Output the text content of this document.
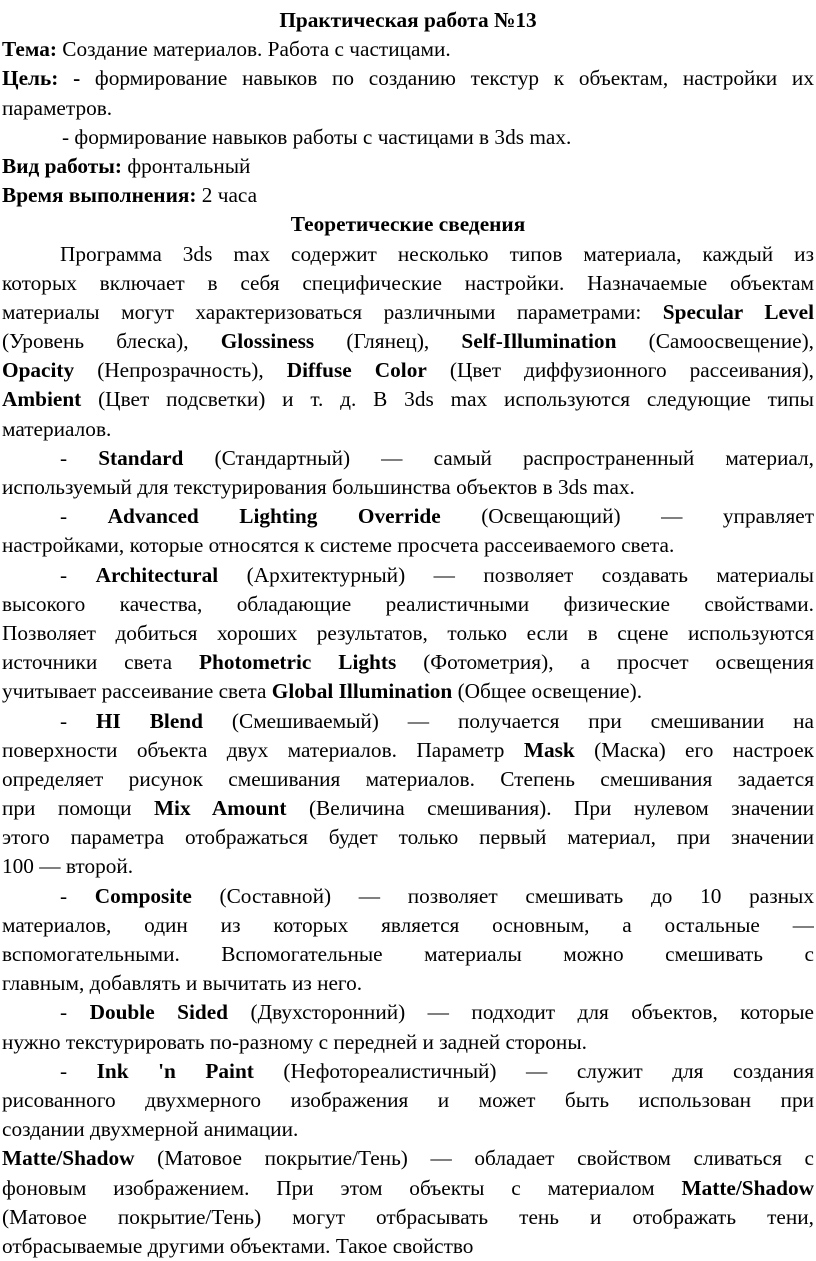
Практическая работа №13
Тема: Создание материалов. Работа с частицами.
Цель: - формирование навыков по созданию текстур к объектам, настройки их
параметров.
- формирование навыков работы с частицами в 3ds max.
Вид работы: фронтальный
Время выполнения: 2 часа
Теоретические сведения
Программа 3ds max содержит несколько типов материала, каждый из
которых включает в себя специфические настройки. Назначаемые объектам
материалы могут характеризоваться различными параметрами: Specular Level
(Уровень блеска), Glossiness (Глянец), Self-Illumination (Самоосвещение),
Opacity (Непрозрачность), Diffuse Color (Цвет диффузионного рассеивания),
Ambient (Цвет подсветки) и т. д. В 3ds max используются следующие типы
материалов.
- Standard (Стандартный) — самый распространенный материал,
используемый для текстурирования большинства объектов в 3ds max.
- Advanced Lighting Override (Освещающий) — управляет
настройками, которые относятся к системе просчета рассеиваемого света.
- Architectural (Архитектурный) — позволяет создавать материалы
высокого качества, обладающие реалистичными физические свойствами.
Позволяет добиться хороших результатов, только если в сцене используются
источники света Photometric Lights (Фотометрия), а просчет освещения
учитывает рассеивание света Global Illumination (Общее освещение).
- HI Blend (Смешиваемый) — получается при смешивании на
поверхности объекта двух материалов. Параметр Mask (Маска) его настроек
определяет рисунок смешивания материалов. Степень смешивания задается
при помощи Mix Amount (Величина смешивания). При нулевом значении
этого параметра отображаться будет только первый материал, при значении
100 — второй.
- Composite (Составной) — позволяет смешивать до 10 разных
материалов, один из которых является основным, а остальные —
вспомогательными. Вспомогательные материалы можно смешивать с
главным, добавлять и вычитать из него.
- Double Sided (Двухсторонний) — подходит для объектов, которые
нужно текстурировать по-разному с передней и задней стороны.
- Ink 'n Paint (Нефотореалистичный) — служит для создания
рисованного двухмерного изображения и может быть использован при
создании двухмерной анимации.
Matte/Shadow (Матовое покрытие/Тень) — обладает свойством сливаться с
фоновым изображением. При этом объекты с материалом Matte/Shadow
(Матовое покрытие/Тень) могут отбрасывать тень и отображать тени,
отбрасываемые другими объектами. Такое свойство
